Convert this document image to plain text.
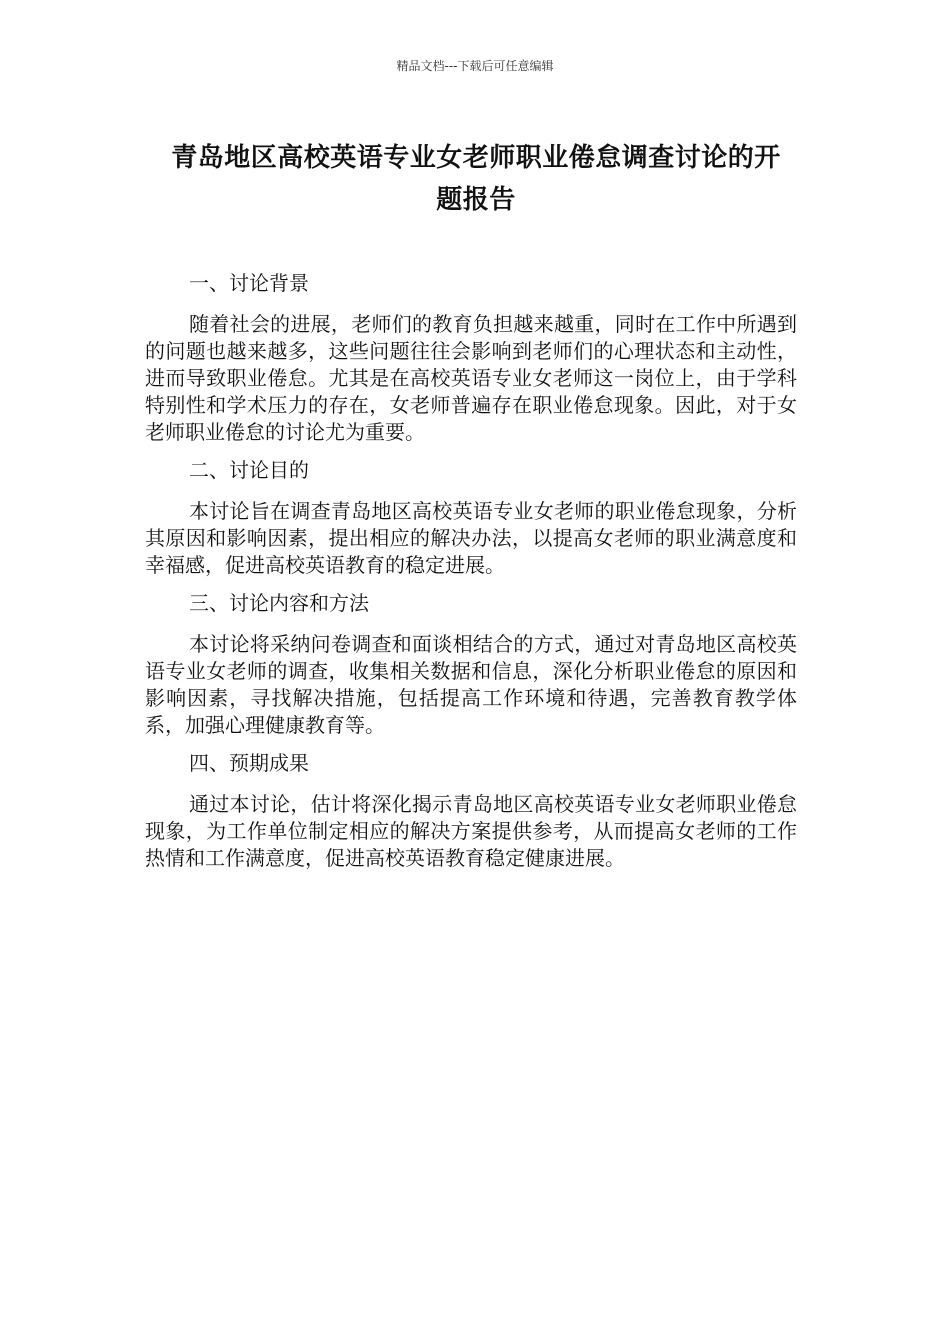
精品文档---下载后可任意编辑
青岛地区高校英语专业女老师职业倦怠调查讨论的开
题报告
一、讨论背景
随着社会的进展，老师们的教育负担越来越重，同时在工作中所遇到的问题也越来越多，这些问题往往会影响到老师们的心理状态和主动性，进而导致职业倦怠。尤其是在高校英语专业女老师这一岗位上，由于学科特别性和学术压力的存在，女老师普遍存在职业倦怠现象。因此，对于女老师职业倦怠的讨论尤为重要。
二、讨论目的
本讨论旨在调查青岛地区高校英语专业女老师的职业倦怠现象，分析其原因和影响因素，提出相应的解决办法，以提高女老师的职业满意度和幸福感，促进高校英语教育的稳定进展。
三、讨论内容和方法
本讨论将采纳问卷调查和面谈相结合的方式，通过对青岛地区高校英语专业女老师的调查，收集相关数据和信息，深化分析职业倦怠的原因和影响因素，寻找解决措施，包括提高工作环境和待遇，完善教育教学体系，加强心理健康教育等。
四、预期成果
通过本讨论，估计将深化揭示青岛地区高校英语专业女老师职业倦怠现象，为工作单位制定相应的解决方案提供参考，从而提高女老师的工作热情和工作满意度，促进高校英语教育稳定健康进展。
